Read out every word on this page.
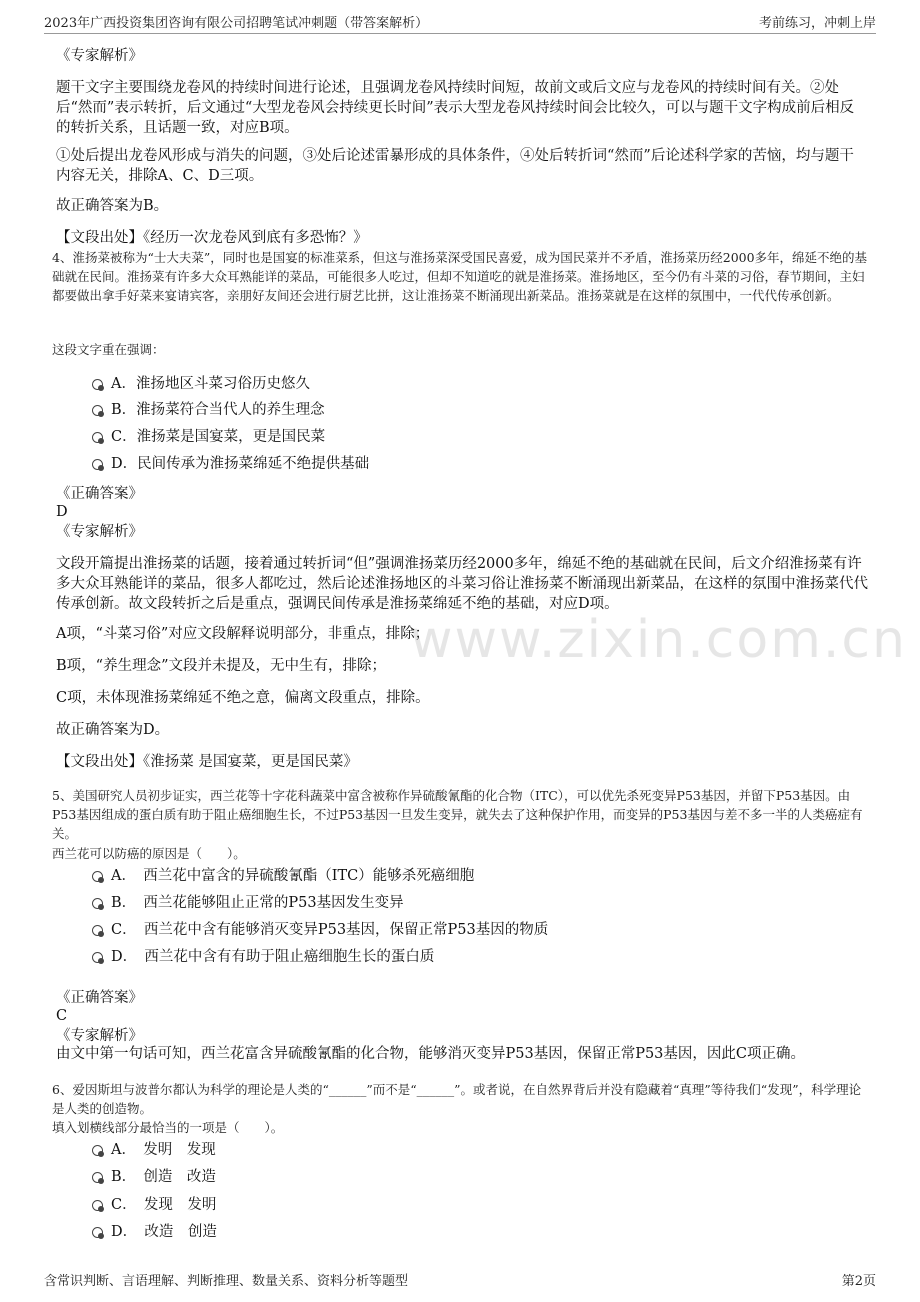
www.zixin.com.cn
2023年广西投资集团咨询有限公司招聘笔试冲刺题（带答案解析）	考前练习，冲刺上岸

《专家解析》

题干文字主要围绕龙卷风的持续时间进行论述，且强调龙卷风持续时间短，故前文或后文应与龙卷风的持续时间有关。②处后“然而”表示转折，后文通过“大型龙卷风会持续更长时间”表示大型龙卷风持续时间会比较久，可以与题干文字构成前后相反的转折关系，且话题一致，对应B项。

①处后提出龙卷风形成与消失的问题，③处后论述雷暴形成的具体条件，④处后转折词“然而”后论述科学家的苦恼，均与题干内容无关，排除A、C、D三项。

故正确答案为B。

【文段出处】《经历一次龙卷风到底有多恐怖？》

4、淮扬菜被称为“士大夫菜”，同时也是国宴的标准菜系，但这与淮扬菜深受国民喜爱，成为国民菜并不矛盾，淮扬菜历经2000多年，绵延不绝的基础就在民间。淮扬菜有许多大众耳熟能详的菜品，可能很多人吃过，但却不知道吃的就是淮扬菜。淮扬地区，至今仍有斗菜的习俗，春节期间，主妇都要做出拿手好菜来宴请宾客，亲朋好友间还会进行厨艺比拼，这让淮扬菜不断涌现出新菜品。淮扬菜就是在这样的氛围中，一代代传承创新。

这段文字重在强调：

A．淮扬地区斗菜习俗历史悠久
B．淮扬菜符合当代人的养生理念
C．淮扬菜是国宴菜，更是国民菜
D．民间传承为淮扬菜绵延不绝提供基础

《正确答案》

D

《专家解析》

文段开篇提出淮扬菜的话题，接着通过转折词“但”强调淮扬菜历经2000多年，绵延不绝的基础就在民间，后文介绍淮扬菜有许多大众耳熟能详的菜品，很多人都吃过，然后论述淮扬地区的斗菜习俗让淮扬菜不断涌现出新菜品，在这样的氛围中淮扬菜代代传承创新。故文段转折之后是重点，强调民间传承是淮扬菜绵延不绝的基础，对应D项。

A项，“斗菜习俗”对应文段解释说明部分，非重点，排除；

B项，“养生理念”文段并未提及，无中生有，排除；

C项，未体现淮扬菜绵延不绝之意，偏离文段重点，排除。

故正确答案为D。

【文段出处】《淮扬菜 是国宴菜，更是国民菜》

5、美国研究人员初步证实，西兰花等十字花科蔬菜中富含被称作异硫酸氰酯的化合物（ITC），可以优先杀死变异P53基因，并留下P53基因。由P53基因组成的蛋白质有助于阻止癌细胞生长，不过P53基因一旦发生变异，就失去了这种保护作用，而变异的P53基因与差不多一半的人类癌症有关。

西兰花可以防癌的原因是（　　）。

A．　西兰花中富含的异硫酸氰酯（ITC）能够杀死癌细胞
B．　西兰花能够阻止正常的P53基因发生变异
C．　西兰花中含有能够消灭变异P53基因，保留正常P53基因的物质
D．　西兰花中含有有助于阻止癌细胞生长的蛋白质

《正确答案》

C

《专家解析》

由文中第一句话可知，西兰花富含异硫酸氰酯的化合物，能够消灭变异P53基因，保留正常P53基因，因此C项正确。

6、爱因斯坦与波普尔都认为科学的理论是人类的“______”而不是“______”。或者说，在自然界背后并没有隐藏着“真理”等待我们“发现”，科学理论是人类的创造物。

填入划横线部分最恰当的一项是（　　）。

A．　发明　发现
B．　创造　改造
C．　发现　发明
D．　改造　创造
含常识判断、言语理解、判断推理、数量关系、资料分析等题型	第2页
